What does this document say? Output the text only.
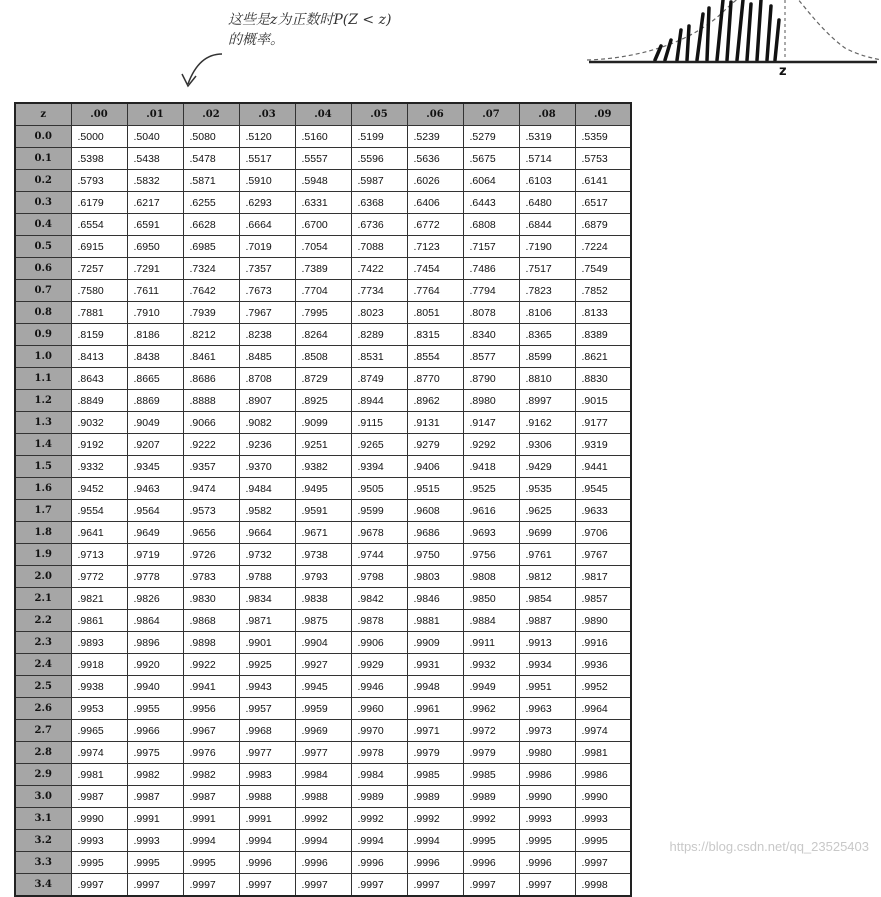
这些是z为正数时P(Z < z)
的概率。
z
z	.00	.01	.02	.03	.04	.05	.06	.07	.08	.09
0.0	.5000	.5040	.5080	.5120	.5160	.5199	.5239	.5279	.5319	.5359
0.1	.5398	.5438	.5478	.5517	.5557	.5596	.5636	.5675	.5714	.5753
0.2	.5793	.5832	.5871	.5910	.5948	.5987	.6026	.6064	.6103	.6141
0.3	.6179	.6217	.6255	.6293	.6331	.6368	.6406	.6443	.6480	.6517
0.4	.6554	.6591	.6628	.6664	.6700	.6736	.6772	.6808	.6844	.6879
0.5	.6915	.6950	.6985	.7019	.7054	.7088	.7123	.7157	.7190	.7224
0.6	.7257	.7291	.7324	.7357	.7389	.7422	.7454	.7486	.7517	.7549
0.7	.7580	.7611	.7642	.7673	.7704	.7734	.7764	.7794	.7823	.7852
0.8	.7881	.7910	.7939	.7967	.7995	.8023	.8051	.8078	.8106	.8133
0.9	.8159	.8186	.8212	.8238	.8264	.8289	.8315	.8340	.8365	.8389
1.0	.8413	.8438	.8461	.8485	.8508	.8531	.8554	.8577	.8599	.8621
1.1	.8643	.8665	.8686	.8708	.8729	.8749	.8770	.8790	.8810	.8830
1.2	.8849	.8869	.8888	.8907	.8925	.8944	.8962	.8980	.8997	.9015
1.3	.9032	.9049	.9066	.9082	.9099	.9115	.9131	.9147	.9162	.9177
1.4	.9192	.9207	.9222	.9236	.9251	.9265	.9279	.9292	.9306	.9319
1.5	.9332	.9345	.9357	.9370	.9382	.9394	.9406	.9418	.9429	.9441
1.6	.9452	.9463	.9474	.9484	.9495	.9505	.9515	.9525	.9535	.9545
1.7	.9554	.9564	.9573	.9582	.9591	.9599	.9608	.9616	.9625	.9633
1.8	.9641	.9649	.9656	.9664	.9671	.9678	.9686	.9693	.9699	.9706
1.9	.9713	.9719	.9726	.9732	.9738	.9744	.9750	.9756	.9761	.9767
2.0	.9772	.9778	.9783	.9788	.9793	.9798	.9803	.9808	.9812	.9817
2.1	.9821	.9826	.9830	.9834	.9838	.9842	.9846	.9850	.9854	.9857
2.2	.9861	.9864	.9868	.9871	.9875	.9878	.9881	.9884	.9887	.9890
2.3	.9893	.9896	.9898	.9901	.9904	.9906	.9909	.9911	.9913	.9916
2.4	.9918	.9920	.9922	.9925	.9927	.9929	.9931	.9932	.9934	.9936
2.5	.9938	.9940	.9941	.9943	.9945	.9946	.9948	.9949	.9951	.9952
2.6	.9953	.9955	.9956	.9957	.9959	.9960	.9961	.9962	.9963	.9964
2.7	.9965	.9966	.9967	.9968	.9969	.9970	.9971	.9972	.9973	.9974
2.8	.9974	.9975	.9976	.9977	.9977	.9978	.9979	.9979	.9980	.9981
2.9	.9981	.9982	.9982	.9983	.9984	.9984	.9985	.9985	.9986	.9986
3.0	.9987	.9987	.9987	.9988	.9988	.9989	.9989	.9989	.9990	.9990
3.1	.9990	.9991	.9991	.9991	.9992	.9992	.9992	.9992	.9993	.9993
3.2	.9993	.9993	.9994	.9994	.9994	.9994	.9994	.9995	.9995	.9995
3.3	.9995	.9995	.9995	.9996	.9996	.9996	.9996	.9996	.9996	.9997
3.4	.9997	.9997	.9997	.9997	.9997	.9997	.9997	.9997	.9997	.9998
https://blog.csdn.net/qq_23525403
